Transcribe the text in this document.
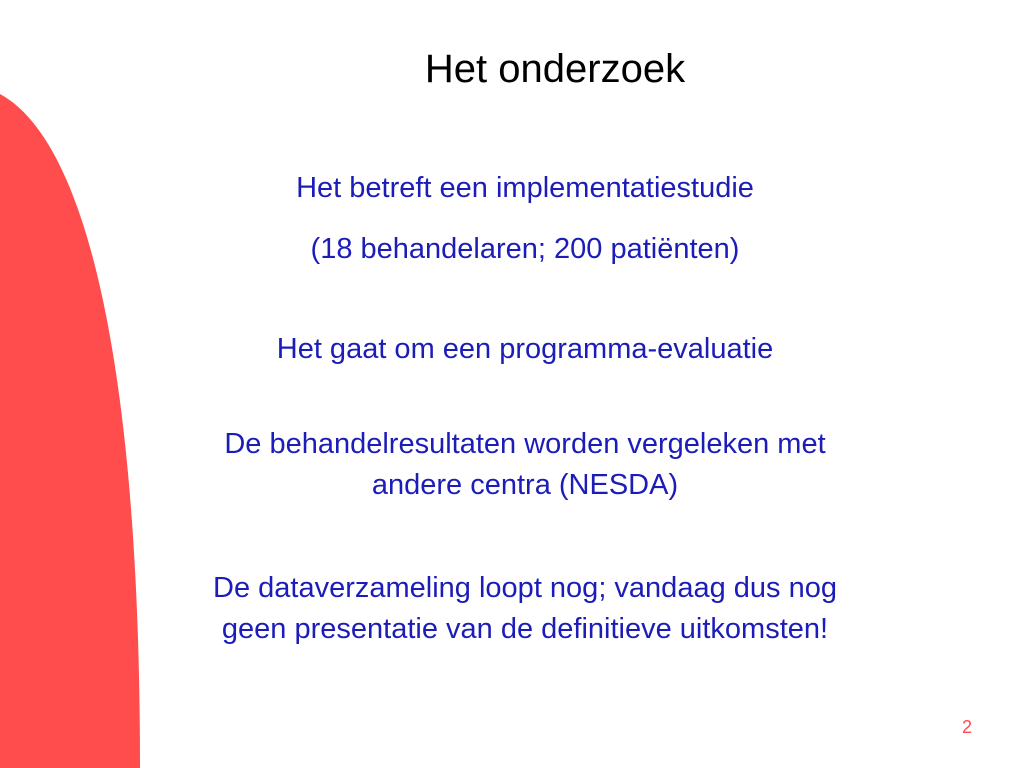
Het onderzoek
Het betreft een implementatiestudie
(18 behandelaren; 200 patiënten)
Het gaat om een programma-evaluatie
De behandelresultaten worden vergeleken met andere centra (NESDA)
De dataverzameling loopt nog; vandaag dus nog geen presentatie van de definitieve uitkomsten!
2
